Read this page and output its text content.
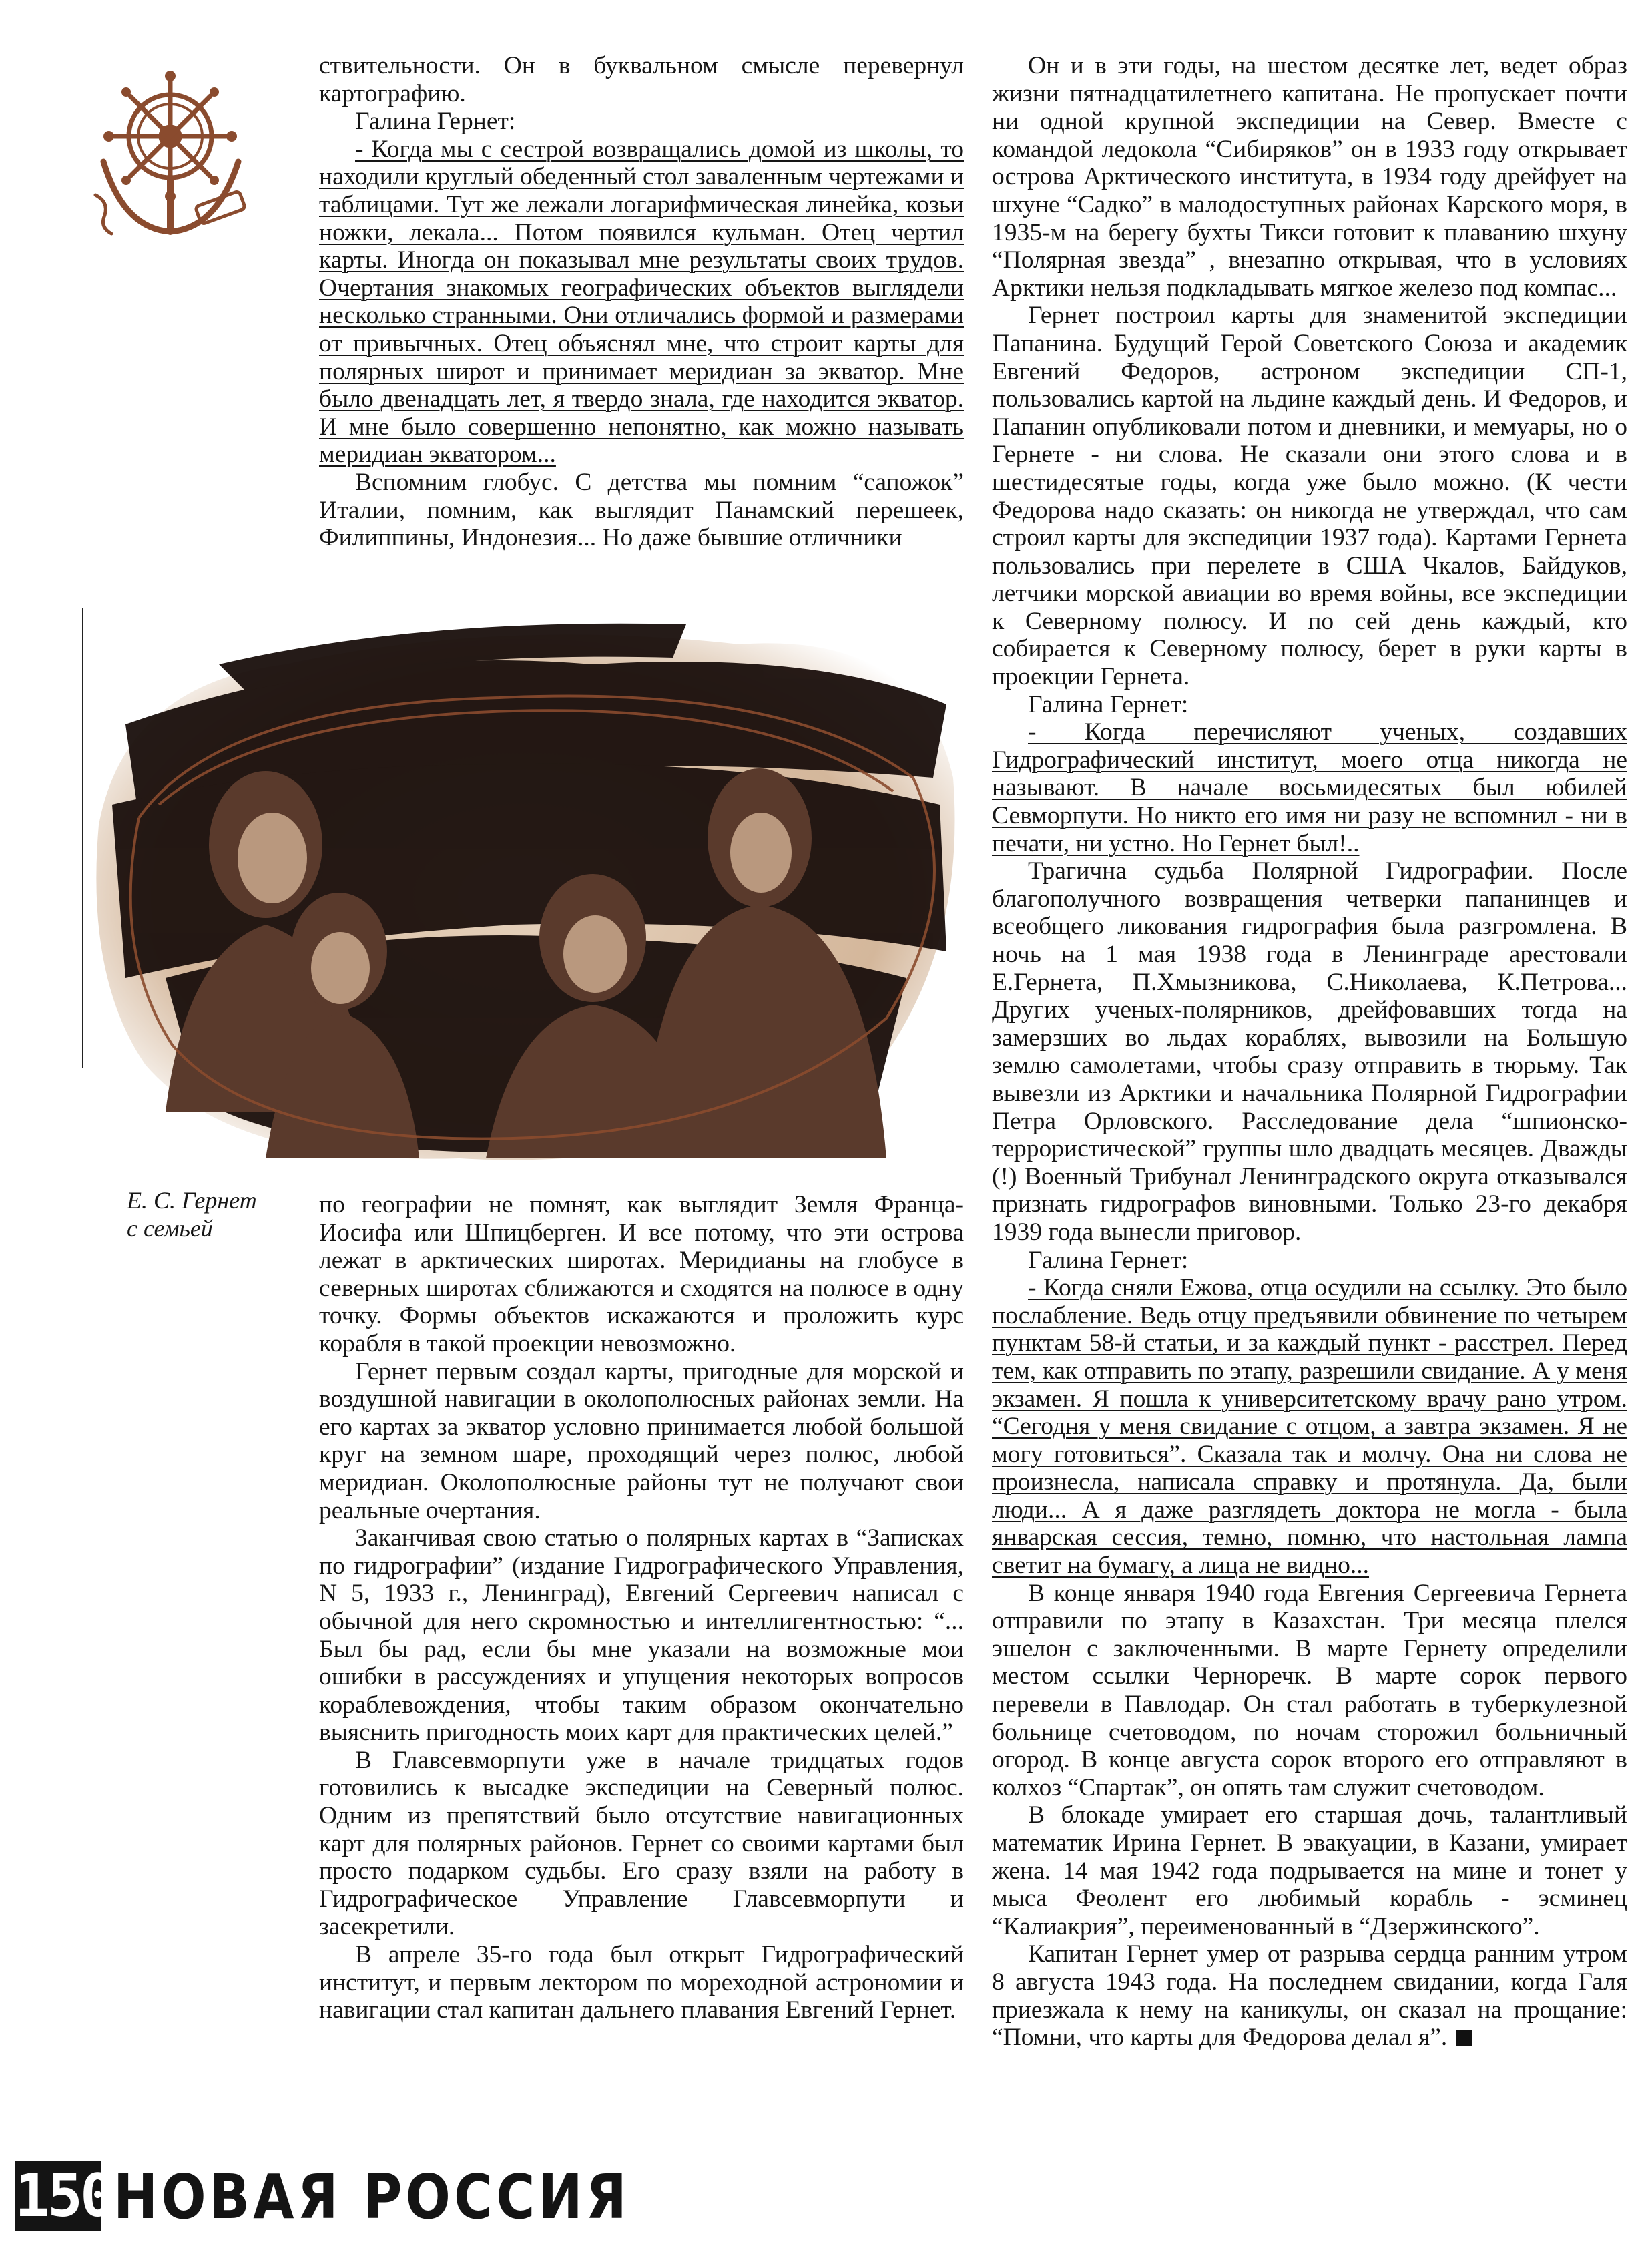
ствительности. Он в буквальном смысле перевернул картографию.

Галина Гернет:

- Когда мы с сестрой возвращались домой из школы, то находили круглый обеденный стол заваленным чертежами и таблицами. Тут же лежали логарифмическая линейка, козьи ножки, лекала... Потом появился кульман. Отец чертил карты. Иногда он показывал мне результаты своих трудов. Очертания знакомых географических объектов выглядели несколько странными. Они отличались формой и размерами от привычных. Отец объяснял мне, что строит карты для полярных широт и принимает меридиан за экватор. Мне было двенадцать лет, я твердо знала, где находится экватор. И мне было совершенно непонятно, как можно называть меридиан экватором...

Вспомним глобус. С детства мы помним “сапожок” Италии, помним, как выглядит Панамский перешеек, Филиппины, Индонезия... Но даже бывшие отличники

Е. С. Гернет
с семьей

по географии не помнят, как выглядит Земля Франца-Иосифа или Шпицберген. И все потому, что эти острова лежат в арктических широтах. Меридианы на глобусе в северных широтах сближаются и сходятся на полюсе в одну точку. Формы объектов искажаются и проложить курс корабля в такой проекции невозможно.

Гернет первым создал карты, пригодные для морской и воздушной навигации в околополюсных районах земли. На его картах за экватор условно принимается любой большой круг на земном шаре, проходящий через полюс, любой меридиан. Околополюсные районы тут не получают свои реальные очертания.

Заканчивая свою статью о полярных картах в “Записках по гидрографии” (издание Гидрографического Управления, N 5, 1933 г., Ленинград), Евгений Сергеевич написал с обычной для него скромностью и интеллигентностью: “... Был бы рад, если бы мне указали на возможные мои ошибки в рассуждениях и упущения некоторых вопросов кораблевождения, чтобы таким образом окончательно выяснить пригодность моих карт для практических целей.”

В Главсевморпути уже в начале тридцатых годов готовились к высадке экспедиции на Северный полюс. Одним из препятствий было отсутствие навигационных карт для полярных районов. Гернет со своими картами был просто подарком судьбы. Его сразу взяли на работу в Гидрографическое Управление Главсевморпути и засекретили.

В апреле 35-го года был открыт Гидрографический институт, и первым лектором по мореходной астрономии и навигации стал капитан дальнего плавания Евгений Гернет.

Он и в эти годы, на шестом десятке лет, ведет образ жизни пятнадцатилетнего капитана. Не пропускает почти ни одной крупной экспедиции на Север. Вместе с командой ледокола “Сибиряков” он в 1933 году открывает острова Арктического института, в 1934 году дрейфует на шхуне “Садко” в малодоступных районах Карского моря, в 1935-м на берегу бухты Тикси готовит к плаванию шхуну “Полярная звезда” , внезапно открывая, что в условиях Арктики нельзя подкладывать мягкое железо под компас...

Гернет построил карты для знаменитой экспедиции Папанина. Будущий Герой Советского Союза и академик Евгений Федоров, астроном экспедиции СП-1, пользовались картой на льдине каждый день. И Федоров, и Папанин опубликовали потом и дневники, и мемуары, но о Гернете - ни слова. Не сказали они этого слова и в шестидесятые годы, когда уже было можно. (К чести Федорова надо сказать: он никогда не утверждал, что сам строил карты для экспедиции 1937 года). Картами Гернета пользовались при перелете в США Чкалов, Байдуков, летчики морской авиации во время войны, все экспедиции к Северному полюсу. И по сей день каждый, кто собирается к Северному полюсу, берет в руки карты в проекции Гернета.

Галина Гернет:

- Когда перечисляют ученых, создавших Гидрографический институт, моего отца никогда не называют. В начале восьмидесятых был юбилей Севморпути. Но никто его имя ни разу не вспомнил - ни в печати, ни устно. Но Гернет был!..

Трагична судьба Полярной Гидрографии. После благополучного возвращения четверки папанинцев и всеобщего ликования гидрография была разгромлена. В ночь на 1 мая 1938 года в Ленинграде арестовали Е.Гернета, П.Хмызникова, С.Николаева, К.Петрова... Других ученых-полярников, дрейфовавших тогда на замерзших во льдах кораблях, вывозили на Большую землю самолетами, чтобы сразу отправить в тюрьму. Так вывезли из Арктики и начальника Полярной Гидрографии Петра Орловского. Расследование дела “шпионско-террористической” группы шло двадцать месяцев. Дважды (!) Военный Трибунал Ленинградского округа отказывался признать гидрографов виновными. Только 23-го декабря 1939 года вынесли приговор.

Галина Гернет:

- Когда сняли Ежова, отца осудили на ссылку. Это было послабление. Ведь отцу предъявили обвинение по четырем пунктам 58-й статьи, и за каждый пункт - расстрел. Перед тем, как отправить по этапу, разрешили свидание. А у меня экзамен. Я пошла к университетскому врачу рано утром. “Сегодня у меня свидание с отцом, а завтра экзамен. Я не могу готовиться”. Сказала так и молчу. Она ни слова не произнесла, написала справку и протянула. Да, были люди... А я даже разглядеть доктора не могла - была январская сессия, темно, помню, что настольная лампа светит на бумагу, а лица не видно...

В конце января 1940 года Евгения Сергеевича Гернета отправили по этапу в Казахстан. Три месяца плелся эшелон с заключенными. В марте Гернету определили местом ссылки Черноречк. В марте сорок первого перевели в Павлодар. Он стал работать в туберкулезной больнице счетоводом, по ночам сторожил больничный огород. В конце августа сорок второго его отправляют в колхоз “Спартак”, он опять там служит счетоводом.

В блокаде умирает его старшая дочь, талантливый математик Ирина Гернет. В эвакуации, в Казани, умирает жена. 14 мая 1942 года подрывается на мине и тонет у мыса Феолент его любимый корабль - эсминец “Калиакрия”, переименованный в “Дзержинского”.

Капитан Гернет умер от разрыва сердца ранним утром 8 августа 1943 года. На последнем свидании, когда Галя приезжала к нему на каникулы, он сказал на прощание: “Помни, что карты для Федорова делал я”.

150 НОВАЯ РОССИЯ
